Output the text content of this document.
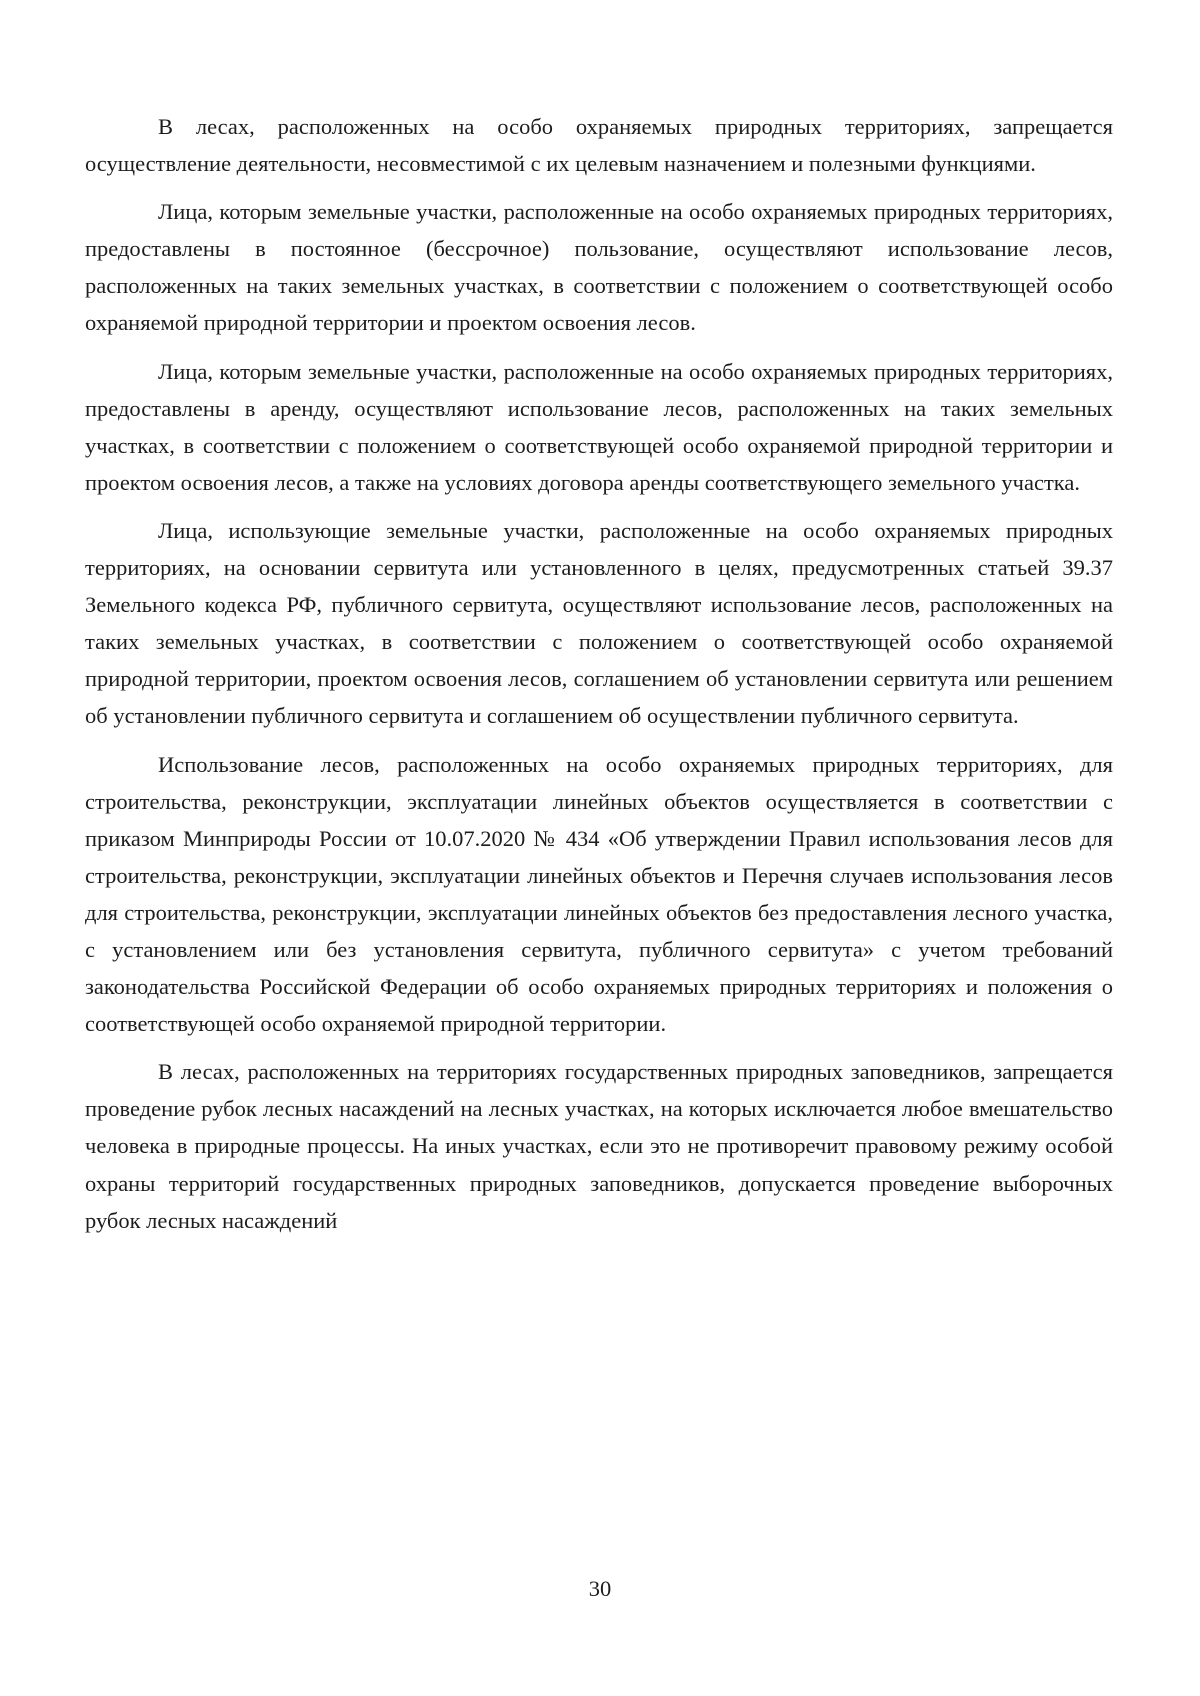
В лесах, расположенных на особо охраняемых природных территориях, запрещается осуществление деятельности, несовместимой с их целевым назначением и полезными функциями.

Лица, которым земельные участки, расположенные на особо охраняемых природных территориях, предоставлены в постоянное (бессрочное) пользование, осуществляют использование лесов, расположенных на таких земельных участках, в соответствии с положением о соответствующей особо охраняемой природной территории и проектом освоения лесов.

Лица, которым земельные участки, расположенные на особо охраняемых природных территориях, предоставлены в аренду, осуществляют использование лесов, расположенных на таких земельных участках, в соответствии с положением о соответствующей особо охраняемой природной территории и проектом освоения лесов, а также на условиях договора аренды соответствующего земельного участка.

Лица, использующие земельные участки, расположенные на особо охраняемых природных территориях, на основании сервитута или установленного в целях, предусмотренных статьей 39.37 Земельного кодекса РФ, публичного сервитута, осуществляют использование лесов, расположенных на таких земельных участках, в соответствии с положением о соответствующей особо охраняемой природной территории, проектом освоения лесов, соглашением об установлении сервитута или решением об установлении публичного сервитута и соглашением об осуществлении публичного сервитута.

Использование лесов, расположенных на особо охраняемых природных территориях, для строительства, реконструкции, эксплуатации линейных объектов осуществляется в соответствии с приказом Минприроды России от 10.07.2020 № 434 «Об утверждении Правил использования лесов для строительства, реконструкции, эксплуатации линейных объектов и Перечня случаев использования лесов для строительства, реконструкции, эксплуатации линейных объектов без предоставления лесного участка, с установлением или без установления сервитута, публичного сервитута» с учетом требований законодательства Российской Федерации об особо охраняемых природных территориях и положения о соответствующей особо охраняемой природной территории.

В лесах, расположенных на территориях государственных природных заповедников, запрещается проведение рубок лесных насаждений на лесных участках, на которых исключается любое вмешательство человека в природные процессы. На иных участках, если это не противоречит правовому режиму особой охраны территорий государственных природных заповедников, допускается проведение выборочных рубок лесных насаждений

30
